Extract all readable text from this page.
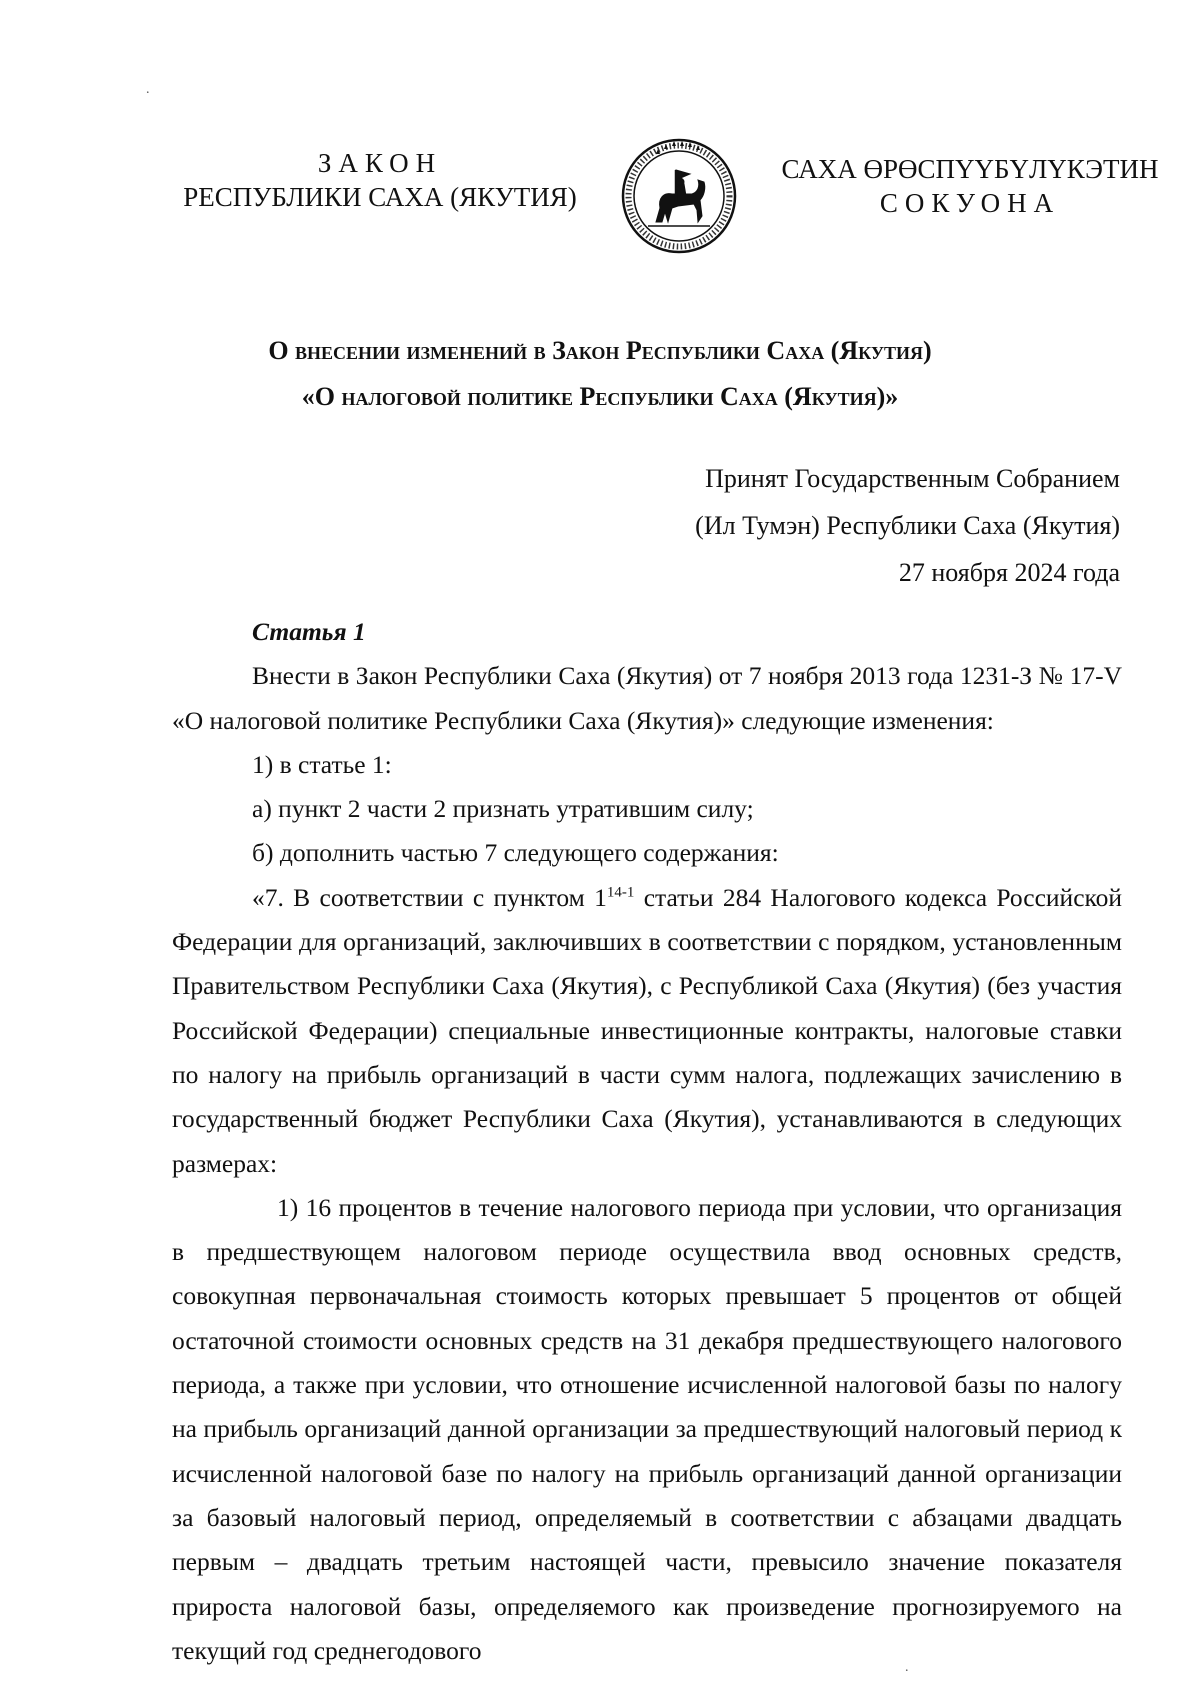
.
ЗАКОН
РЕСПУБЛИКИ САХА (ЯКУТИЯ)
САХА ӨРӨСПҮҮБҮЛҮКЭТИН
СОКУОНА
О внесении изменений в Закон Республики Саха (Якутия)
«О налоговой политике Республики Саха (Якутия)»
Принят Государственным Собранием
(Ил Тумэн) Республики Саха (Якутия)
27 ноября 2024 года

Статья 1

Внести в Закон Республики Саха (Якутия) от 7 ноября 2013 года 1231-З № 17-V «О налоговой политике Республики Саха (Якутия)» следующие изменения:

1) в статье 1:

а) пункт 2 части 2 признать утратившим силу;

б) дополнить частью 7 следующего содержания:

«7. В соответствии с пунктом 1$^{14-1}$ статьи 284 Налогового кодекса Российской Федерации для организаций, заключивших в соответствии с порядком, установленным Правительством Республики Саха (Якутия), с Республикой Саха (Якутия) (без участия Российской Федерации) специальные инвестиционные контракты, налоговые ставки по налогу на прибыль организаций в части сумм налога, подлежащих зачислению в государственный бюджет Республики Саха (Якутия), устанавливаются в следующих размерах:

1) 16 процентов в течение налогового периода при условии, что организация в предшествующем налоговом периоде осуществила ввод основных средств, совокупная первоначальная стоимость которых превышает 5 процентов от общей остаточной стоимости основных средств на 31 декабря предшествующего налогового периода, а также при условии, что отношение исчисленной налоговой базы по налогу на прибыль организаций данной организации за предшествующий налоговый период к исчисленной налоговой базе по налогу на прибыль организаций данной организации за базовый налоговый период, определяемый в соответствии с абзацами двадцать первым – двадцать третьим настоящей части, превысило значение показателя прироста налоговой базы, определяемого как произведение прогнозируемого на текущий год среднегодового

.
